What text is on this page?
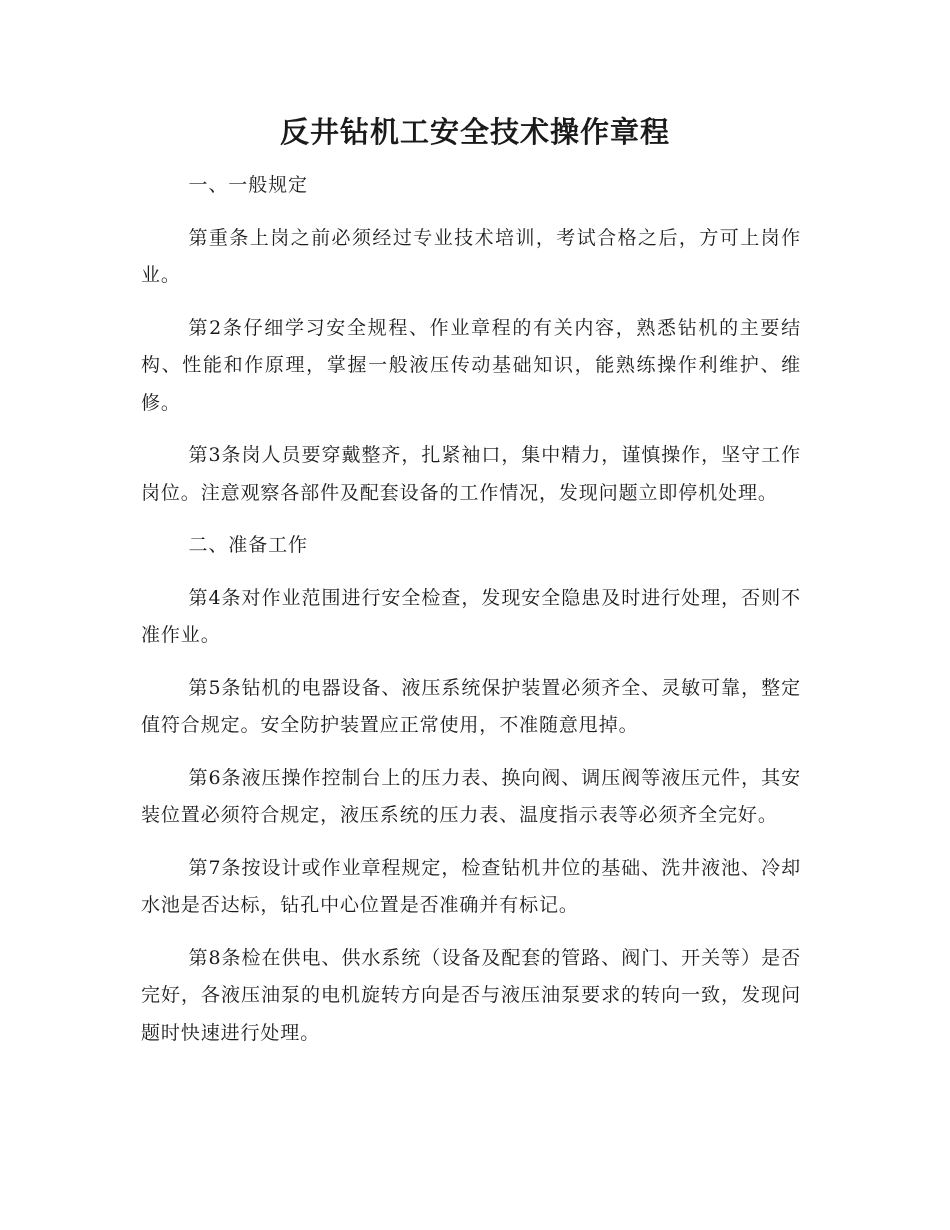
反井钻机工安全技术操作章程
一、一般规定
第重条上岗之前必须经过专业技术培训，考试合格之后，方可上岗作业。
第2条仔细学习安全规程、作业章程的有关内容，熟悉钻机的主要结构、性能和作原理，掌握一般液压传动基础知识，能熟练操作利维护、维修。
第3条岗人员要穿戴整齐，扎紧袖口，集中精力，谨慎操作，坚守工作岗位。注意观察各部件及配套设备的工作情况，发现问题立即停机处理。
二、准备工作
第4条对作业范围进行安全检查，发现安全隐患及时进行处理，否则不准作业。
第5条钻机的电器设备、液压系统保护装置必须齐全、灵敏可靠，整定值符合规定。安全防护装置应正常使用，不准随意甩掉。
第6条液压操作控制台上的压力表、换向阀、调压阀等液压元件，其安装位置必须符合规定，液压系统的压力表、温度指示表等必须齐全完好。
第7条按设计或作业章程规定，检查钻机井位的基础、洗井液池、冷却水池是否达标，钻孔中心位置是否准确并有标记。
第8条检在供电、供水系统（设备及配套的管路、阀门、开关等）是否完好，各液压油泵的电机旋转方向是否与液压油泵要求的转向一致，发现问题时快速进行处理。
